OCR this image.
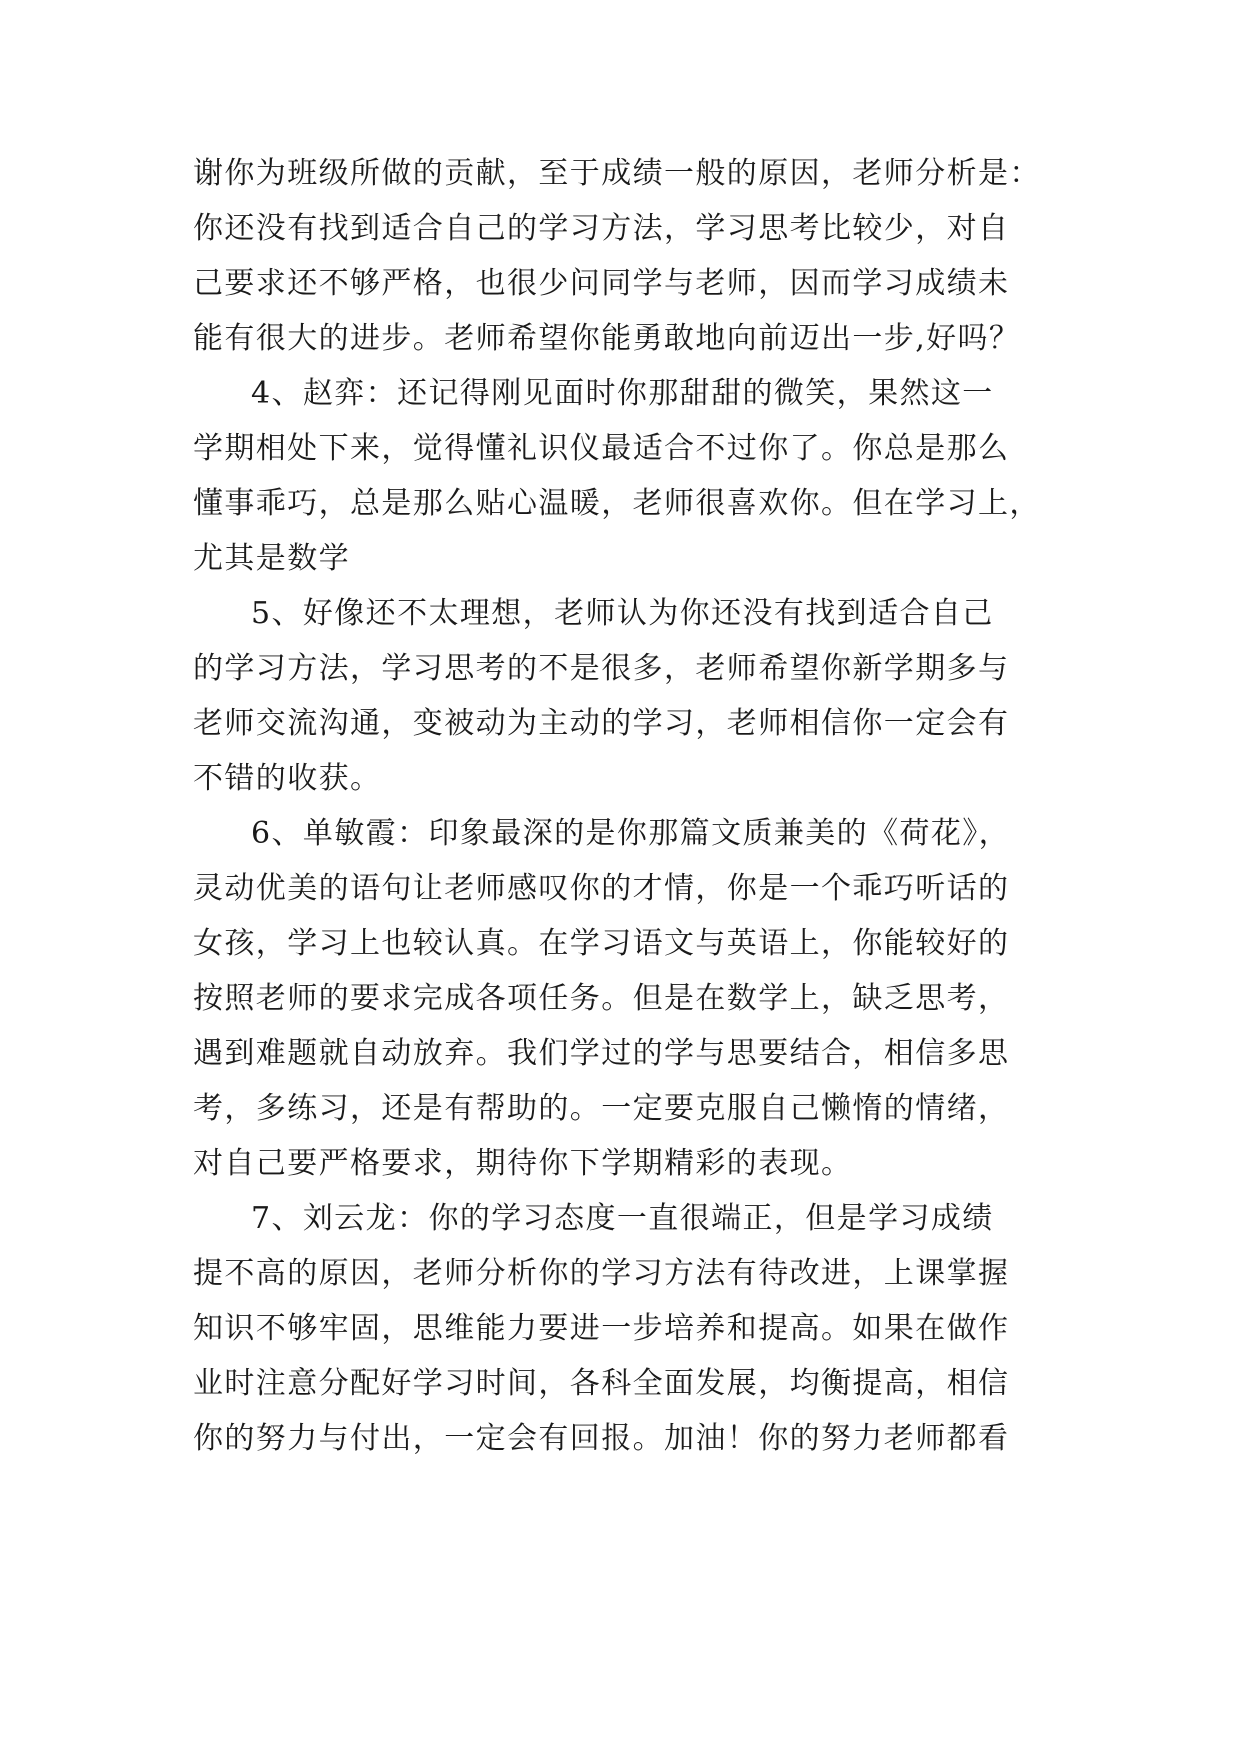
谢你为班级所做的贡献，至于成绩一般的原因，老师分析是：
你还没有找到适合自己的学习方法，学习思考比较少，对自
己要求还不够严格，也很少问同学与老师，因而学习成绩未
能有很大的进步。老师希望你能勇敢地向前迈出一步,好吗？
4、赵弈：还记得刚见面时你那甜甜的微笑，果然这一
学期相处下来，觉得懂礼识仪最适合不过你了。你总是那么
懂事乖巧，总是那么贴心温暖，老师很喜欢你。但在学习上，
尤其是数学
5、好像还不太理想，老师认为你还没有找到适合自己
的学习方法，学习思考的不是很多，老师希望你新学期多与
老师交流沟通，变被动为主动的学习，老师相信你一定会有
不错的收获。
6、单敏霞：印象最深的是你那篇文质兼美的《荷花》，
灵动优美的语句让老师感叹你的才情，你是一个乖巧听话的
女孩，学习上也较认真。在学习语文与英语上，你能较好的
按照老师的要求完成各项任务。但是在数学上，缺乏思考，
遇到难题就自动放弃。我们学过的学与思要结合，相信多思
考，多练习，还是有帮助的。一定要克服自己懒惰的情绪，
对自己要严格要求，期待你下学期精彩的表现。
7、刘云龙：你的学习态度一直很端正，但是学习成绩
提不高的原因，老师分析你的学习方法有待改进，上课掌握
知识不够牢固，思维能力要进一步培养和提高。如果在做作
业时注意分配好学习时间，各科全面发展，均衡提高，相信
你的努力与付出，一定会有回报。加油！你的努力老师都看
